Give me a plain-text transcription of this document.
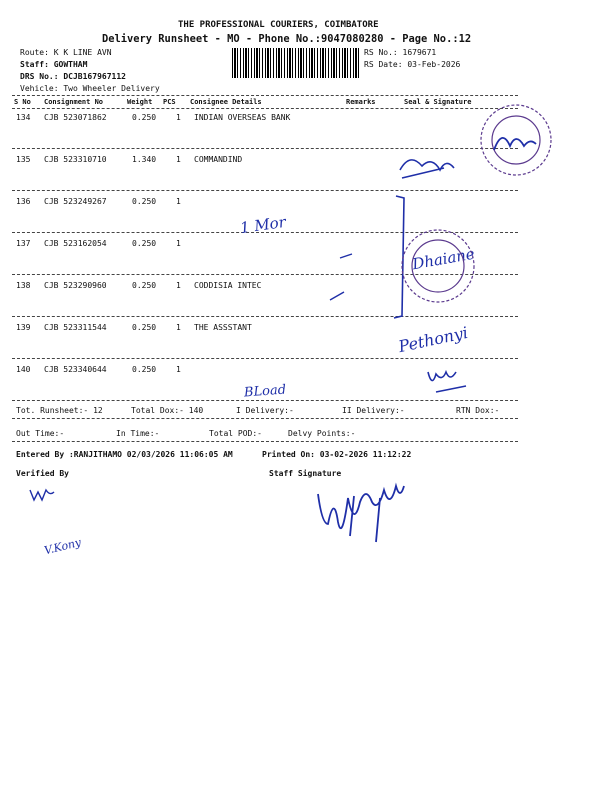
THE PROFESSIONAL COURIERS, COIMBATORE
Delivery Runsheet - MO - Phone No.:9047080280 - Page No.:12
Route: K K LINE AVN
Staff: GOWTHAM
DRS No.: DCJB167967112
Vehicle: Two Wheeler Delivery
RS No.: 1679671
RS Date: 03-Feb-2026
S No Consignment No	Weight PCS Consignee Details	Remarks	Seal & Signature
134 CJB 523071862	0.250 1 INDIAN OVERSEAS BANK
135 CJB 523310710	1.340 1 COMMANDIND
136 CJB 523249267	0.250 1
137 CJB 523162054	0.250 1
138 CJB 523290960	0.250 1 CODDISIA INTEC
139 CJB 523311544	0.250 1 THE ASSSTANT
140 CJB 523340644	0.250 1
Tot. Runsheet:- 12	Total Dox:- 140	I Delivery:-	II Delivery:-	RTN Dox:-
Out Time:-	In Time:-	Total POD:-	Delvy Points:-
Entered By :RANJITHAMO 02/03/2026 11:06:05 AM	Printed On: 03-02-2026 11:12:22
Verified By	Staff Signature
1 Mor
BLoad
Dhaiane
Pethonyi
V.Kony
